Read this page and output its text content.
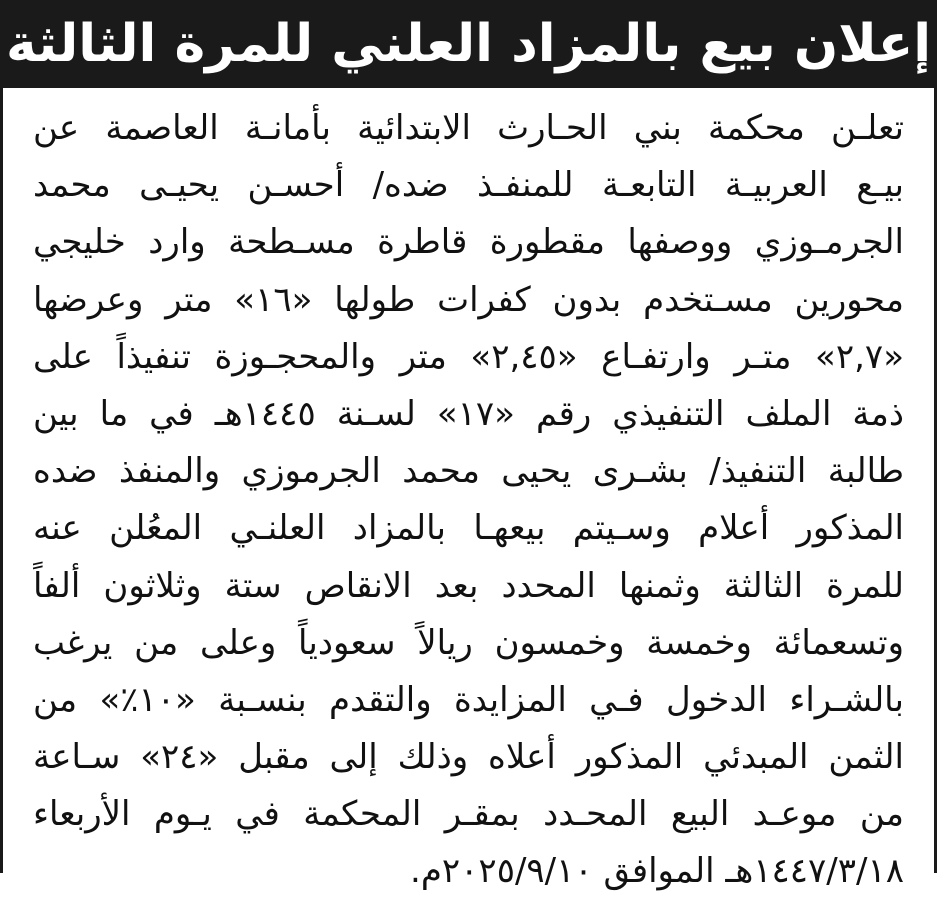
إعلان بيع بالمزاد العلني للمرة الثالثة
تعلـن محكمة بني الحـارث الابتدائية بأمانـة العاصمة عن
بيـع العربيـة التابعـة للمنفـذ ضده/ أحسـن يحيـى محمد
الجرمـوزي ووصفها مقطورة قاطرة مسـطحة وارد خليجي
محورين مسـتخدم بدون كفرات طولها «١٦» متر وعرضها
«٢,٧» متـر وارتفـاع «٢,٤٥» متر والمحجـوزة تنفيذاً على
ذمة الملف التنفيذي رقم «١٧» لسـنة ١٤٤٥هـ في ما بين
طالبة التنفيذ/ بشـرى يحيى محمد الجرموزي والمنفذ ضده
المذكور أعلام وسـيتم بيعهـا بالمزاد العلنـي المعُلن عنه
للمرة الثالثة وثمنها المحدد بعد الانقاص ستة وثلاثون ألفاً
وتسعمائة وخمسة وخمسون ريالاً سعودياً وعلى من يرغب
بالشـراء الدخول فـي المزايدة والتقدم بنسـبة «١٠٪» من
الثمن المبدئي المذكور أعلاه وذلك إلى مقبل «٢٤» سـاعة
من موعـد البيع المحـدد بمقـر المحكمة في يـوم الأربعاء
١٤٤٧/٣/١٨هـ الموافق ٢٠٢٥/٩/١٠م.
